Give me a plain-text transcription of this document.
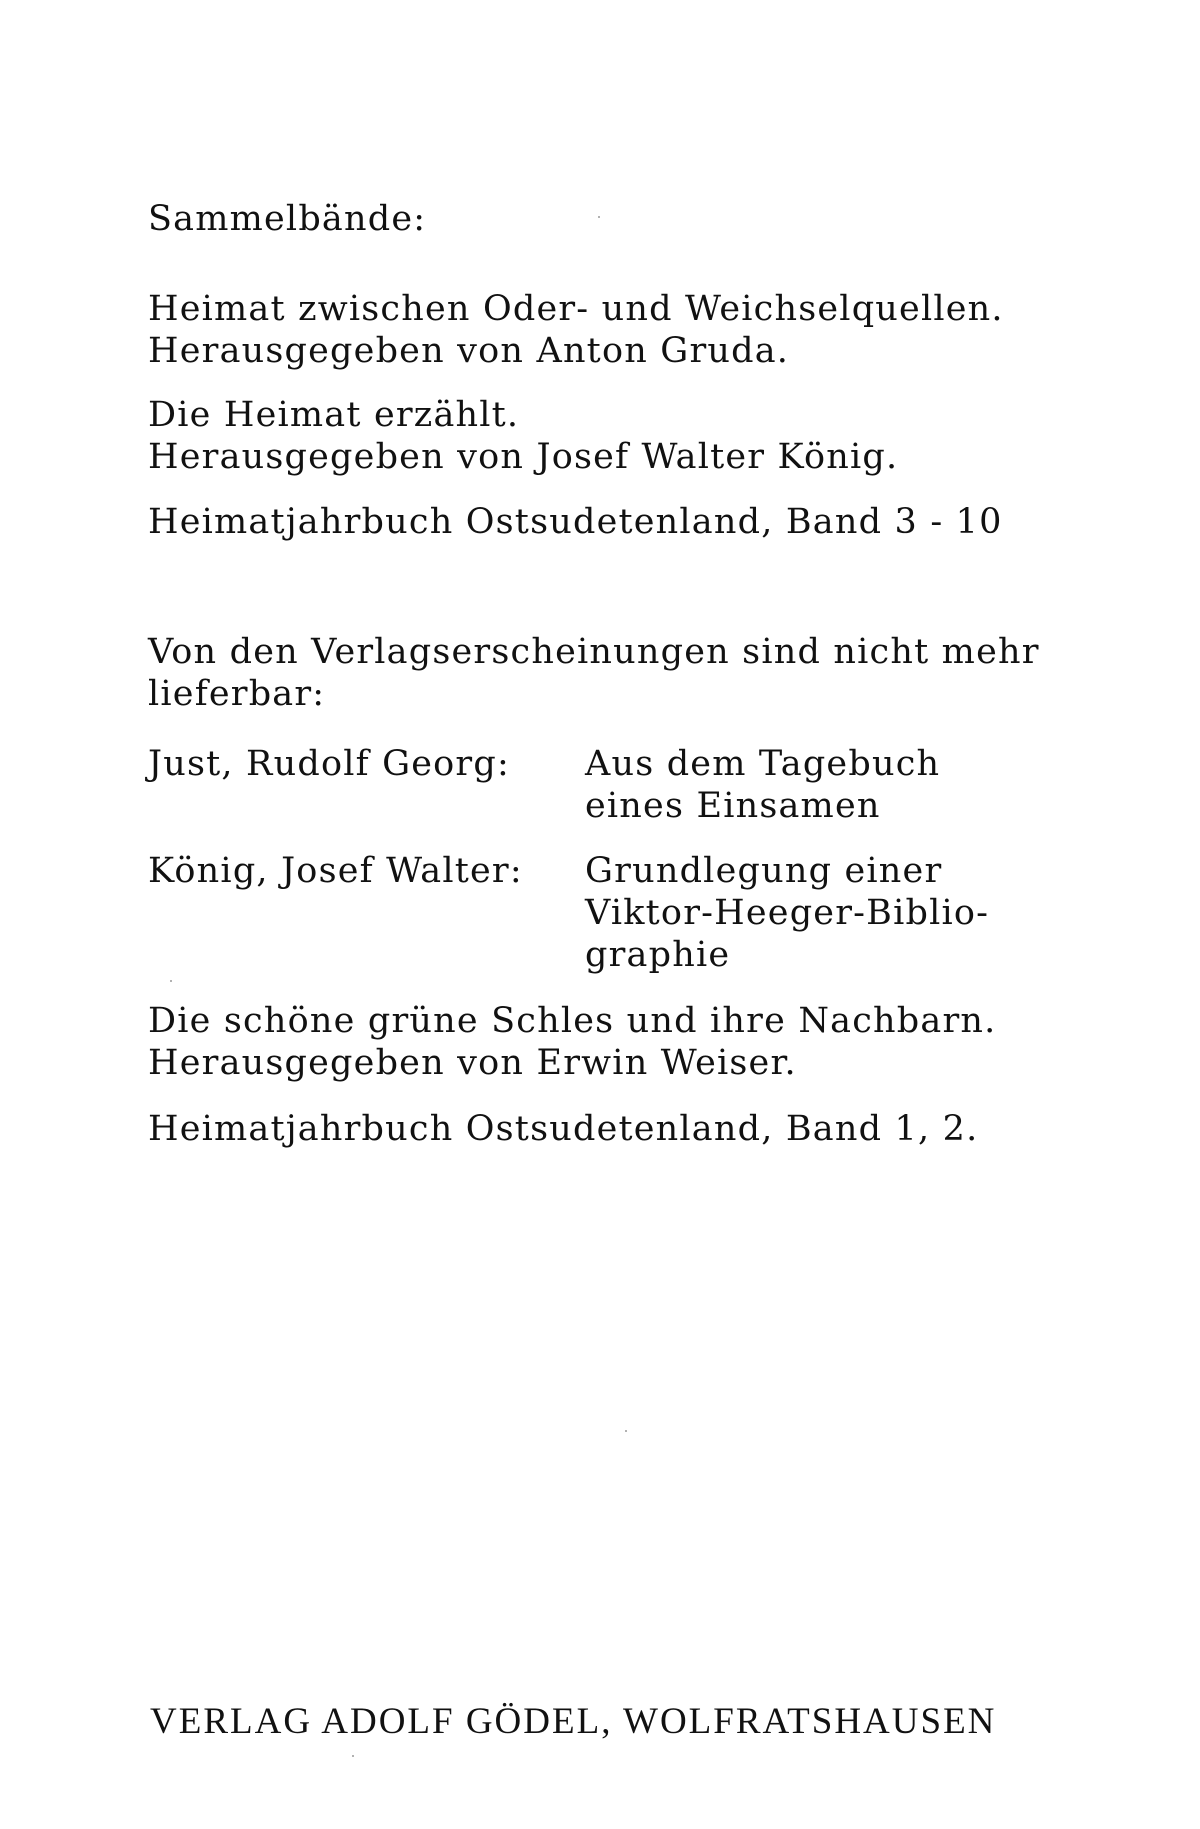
Sammelbände:
Heimat zwischen Oder- und Weichselquellen.
Herausgegeben von Anton Gruda.
Die Heimat erzählt.
Herausgegeben von Josef Walter König.
Heimatjahrbuch Ostsudetenland, Band 3 - 10
Von den Verlagserscheinungen sind nicht mehr
lieferbar:
Just, Rudolf Georg: Aus dem Tagebuch
eines Einsamen
König, Josef Walter: Grundlegung einer
Viktor-Heeger-Biblio-
graphie
Die schöne grüne Schles und ihre Nachbarn.
Herausgegeben von Erwin Weiser.
Heimatjahrbuch Ostsudetenland, Band 1, 2.
VERLAG ADOLF GÖDEL, WOLFRATSHAUSEN
